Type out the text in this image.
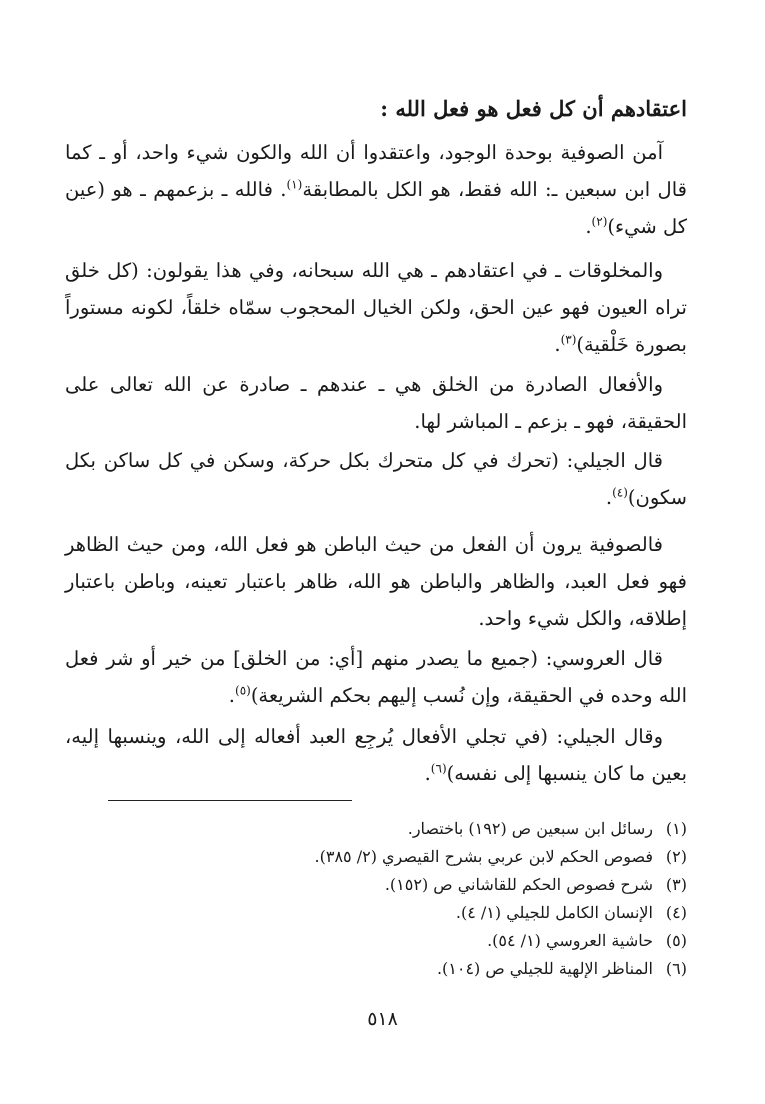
اعتقادهم أن كل فعل هو فعل الله :
آمن الصوفية بوحدة الوجود، واعتقدوا أن الله والكون شيء واحد، أو ـ كما قال ابن سبعين ـ: الله فقط، هو الكل بالمطابقة$^{(١)}$. فالله ـ بزعمهم ـ هو (عين كل شيء)$^{(٢)}$.
والمخلوقات ـ في اعتقادهم ـ هي الله سبحانه، وفي هذا يقولون: (كل خلق تراه العيون فهو عين الحق، ولكن الخيال المحجوب سمّاه خلقاً، لكونه مستوراً بصورة خَلْقية)$^{(٣)}$.
والأفعال الصادرة من الخلق هي ـ عندهم ـ صادرة عن الله تعالى على الحقيقة، فهو ـ بزعم ـ المباشر لها.
قال الجيلي: (تحرك في كل متحرك بكل حركة، وسكن في كل ساكن بكل سكون)$^{(٤)}$.
فالصوفية يرون أن الفعل من حيث الباطن هو فعل الله، ومن حيث الظاهر فهو فعل العبد، والظاهر والباطن هو الله، ظاهر باعتبار تعينه، وباطن باعتبار إطلاقه، والكل شيء واحد.
قال العروسي: (جميع ما يصدر منهم [أي: من الخلق] من خير أو شر فعل الله وحده في الحقيقة، وإن نُسب إليهم بحكم الشريعة)$^{(٥)}$.
وقال الجيلي: (في تجلي الأفعال يُرجِع العبد أفعاله إلى الله، وينسبها إليه، بعين ما كان ينسبها إلى نفسه)$^{(٦)}$.
(١)رسائل ابن سبعين ص (١٩٢) باختصار.
(٢)فصوص الحكم لابن عربي بشرح القيصري (٢/ ٣٨٥).
(٣)شرح فصوص الحكم للقاشاني ص (١٥٢).
(٤)الإنسان الكامل للجيلي (١/ ٤).
(٥)حاشية العروسي (١/ ٥٤).
(٦)المناظر الإلهية للجيلي ص (١٠٤).
٥١٨
